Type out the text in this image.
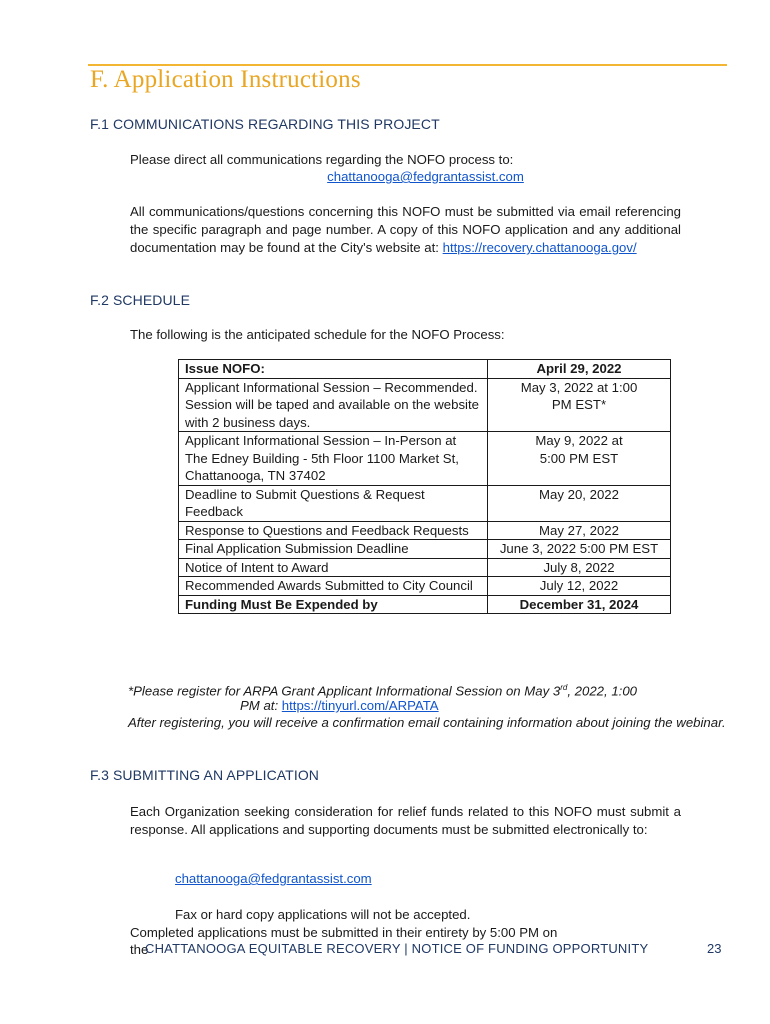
F. Application Instructions
F.1 COMMUNICATIONS REGARDING THIS PROJECT

Please direct all communications regarding the NOFO process to:

chattanooga@fedgrantassist.com

All communications/questions concerning this NOFO must be submitted via email referencing the specific paragraph and page number. A copy of this NOFO application and any additional documentation may be found at the City's website at: https://recovery.chattanooga.gov/

F.2 SCHEDULE

The following is the anticipated schedule for the NOFO Process:

Issue NOFO:	April 29, 2022
Applicant Informational Session – Recommended. Session will be taped and available on the website with 2 business days.	May 3, 2022 at 1:00 PM EST*
Applicant Informational Session – In-Person at The Edney Building - 5th Floor 1100 Market St, Chattanooga, TN 37402	May 9, 2022 at 5:00 PM EST
Deadline to Submit Questions & Request Feedback	May 20, 2022
Response to Questions and Feedback Requests	May 27, 2022
Final Application Submission Deadline	June 3, 2022 5:00 PM EST
Notice of Intent to Award	July 8, 2022
Recommended Awards Submitted to City Council	July 12, 2022
Funding Must Be Expended by	December 31, 2024

*Please register for ARPA Grant Applicant Informational Session on May 3rd, 2022, 1:00

PM at: https://tinyurl.com/ARPATA

After registering, you will receive a confirmation email containing information about joining the webinar.

F.3 SUBMITTING AN APPLICATION

Each Organization seeking consideration for relief funds related to this NOFO must submit a response. All applications and supporting documents must be submitted electronically to:

chattanooga@fedgrantassist.com

Fax or hard copy applications will not be accepted.

Completed applications must be submitted in their entirety by 5:00 PM on

the

CHATTANOOGA EQUITABLE RECOVERY | NOTICE OF FUNDING OPPORTUNITY	23
